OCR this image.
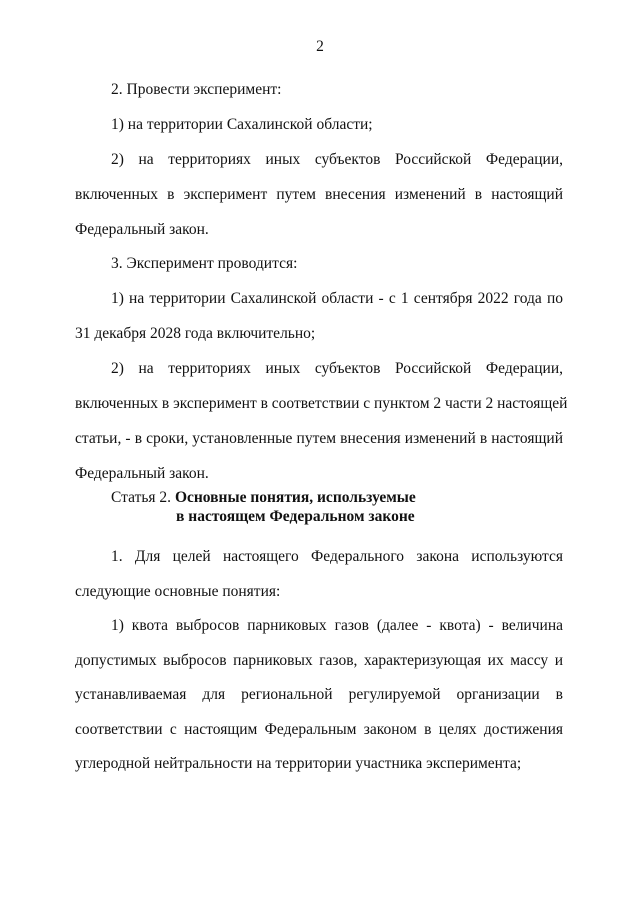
2
2. Провести эксперимент:
1) на территории Сахалинской области;
2) на территориях иных субъектов Российской Федерации,
включенных в эксперимент путем внесения изменений в настоящий
Федеральный закон.
3. Эксперимент проводится:
1) на территории Сахалинской области - с 1 сентября 2022 года по
31 декабря 2028 года включительно;
2) на территориях иных субъектов Российской Федерации,
включенных в эксперимент в соответствии с пунктом 2 части 2 настоящей
статьи, - в сроки, установленные путем внесения изменений в настоящий
Федеральный закон.
Статья 2. Основные понятия, используемые
в настоящем Федеральном законе
1. Для целей настоящего Федерального закона используются
следующие основные понятия:
1) квота выбросов парниковых газов (далее - квота) - величина
допустимых выбросов парниковых газов, характеризующая их массу и
устанавливаемая для региональной регулируемой организации в
соответствии с настоящим Федеральным законом в целях достижения
углеродной нейтральности на территории участника эксперимента;
